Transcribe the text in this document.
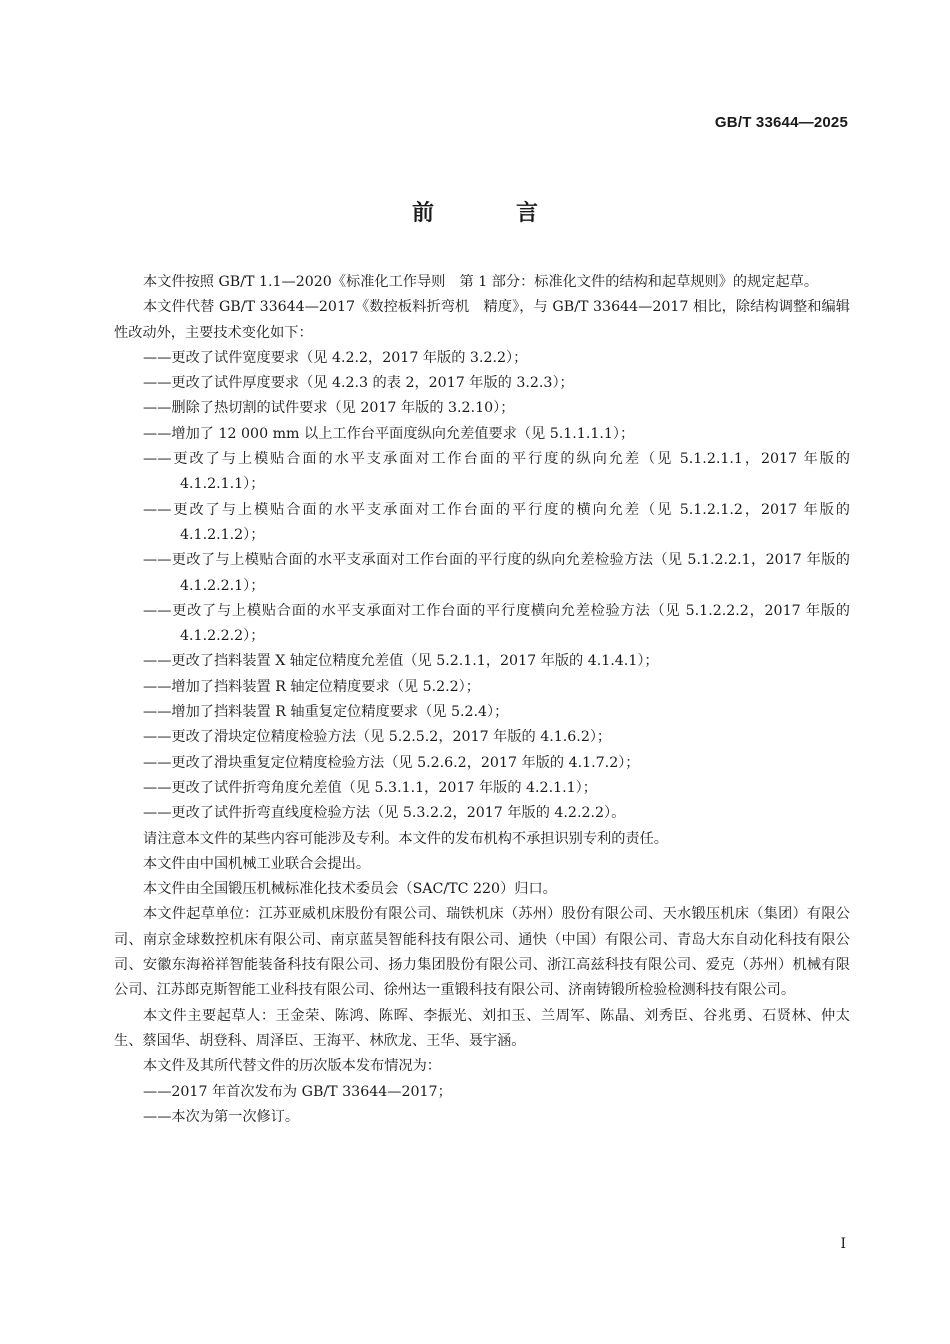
GB/T 33644—2025
前　言

本文件按照 GB/T 1.1—2020《标准化工作导则　第 1 部分：标准化文件的结构和起草规则》的规定起草。

本文件代替 GB/T 33644—2017《数控板料折弯机　精度》，与 GB/T 33644—2017 相比，除结构调整和编辑性改动外，主要技术变化如下：

——更改了试件宽度要求（见 4.2.2，2017 年版的 3.2.2）；

——更改了试件厚度要求（见 4.2.3 的表 2，2017 年版的 3.2.3）；

——删除了热切割的试件要求（见 2017 年版的 3.2.10）；

——增加了 12 000 mm 以上工作台平面度纵向允差值要求（见 5.1.1.1.1）；

——更改了与上模贴合面的水平支承面对工作台面的平行度的纵向允差（见 5.1.2.1.1，2017 年版的 4.1.2.1.1）；

——更改了与上模贴合面的水平支承面对工作台面的平行度的横向允差（见 5.1.2.1.2，2017 年版的 4.1.2.1.2）；

——更改了与上模贴合面的水平支承面对工作台面的平行度的纵向允差检验方法（见 5.1.2.2.1，2017 年版的 4.1.2.2.1）；

——更改了与上模贴合面的水平支承面对工作台面的平行度横向允差检验方法（见 5.1.2.2.2，2017 年版的 4.1.2.2.2）；

——更改了挡料装置 X 轴定位精度允差值（见 5.2.1.1，2017 年版的 4.1.4.1）；

——增加了挡料装置 R 轴定位精度要求（见 5.2.2）；

——增加了挡料装置 R 轴重复定位精度要求（见 5.2.4）；

——更改了滑块定位精度检验方法（见 5.2.5.2，2017 年版的 4.1.6.2）；

——更改了滑块重复定位精度检验方法（见 5.2.6.2，2017 年版的 4.1.7.2）；

——更改了试件折弯角度允差值（见 5.3.1.1，2017 年版的 4.2.1.1）；

——更改了试件折弯直线度检验方法（见 5.3.2.2，2017 年版的 4.2.2.2）。

请注意本文件的某些内容可能涉及专利。本文件的发布机构不承担识别专利的责任。

本文件由中国机械工业联合会提出。

本文件由全国锻压机械标准化技术委员会（SAC/TC 220）归口。

本文件起草单位：江苏亚威机床股份有限公司、瑞铁机床（苏州）股份有限公司、天水锻压机床（集团）有限公司、南京金球数控机床有限公司、南京蓝昊智能科技有限公司、通快（中国）有限公司、青岛大东自动化科技有限公司、安徽东海裕祥智能装备科技有限公司、扬力集团股份有限公司、浙江高兹科技有限公司、爱克（苏州）机械有限公司、江苏郎克斯智能工业科技有限公司、徐州达一重锻科技有限公司、济南铸锻所检验检测科技有限公司。

本文件主要起草人：王金荣、陈鸿、陈晖、李振光、刘扣玉、兰周军、陈晶、刘秀臣、谷兆勇、石贤林、仲太生、蔡国华、胡登科、周泽臣、王海平、林欣龙、王华、聂宇涵。

本文件及其所代替文件的历次版本发布情况为：

——2017 年首次发布为 GB/T 33644—2017；

——本次为第一次修订。

I
